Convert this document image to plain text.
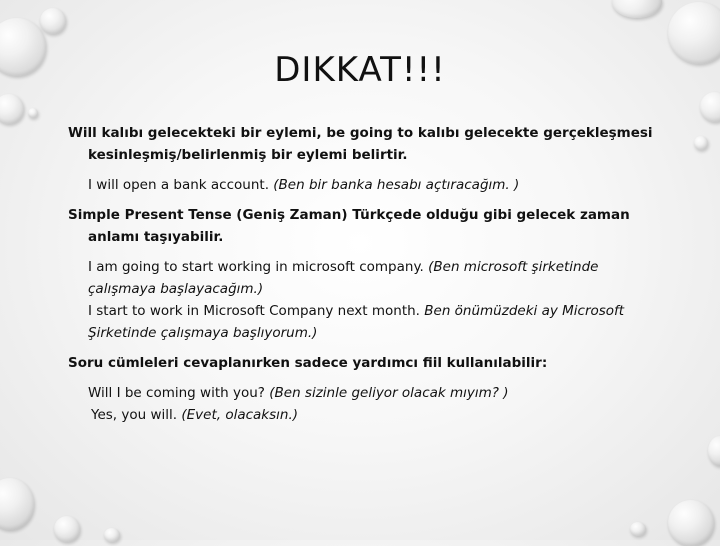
DIKKAT!!!
Will kalıbı gelecekteki bir eylemi, be going to kalıbı gelecekte gerçekleşmesi kesinleşmiş/belirlenmiş bir eylemi belirtir.
I will open a bank account. (Ben bir banka hesabı açtıracağım. )
Simple Present Tense (Geniş Zaman) Türkçede olduğu gibi gelecek zaman anlamı taşıyabilir.
I am going to start working in microsoft company. (Ben microsoft şirketinde çalışmaya başlayacağım.)
I start to work in Microsoft Company next month. Ben önümüzdeki ay Microsoft Şirketinde çalışmaya başlıyorum.)
Soru cümleleri cevaplanırken sadece yardımcı fiil kullanılabilir:
Will I be coming with you? (Ben sizinle geliyor olacak mıyım? )
Yes, you will. (Evet, olacaksın.)
